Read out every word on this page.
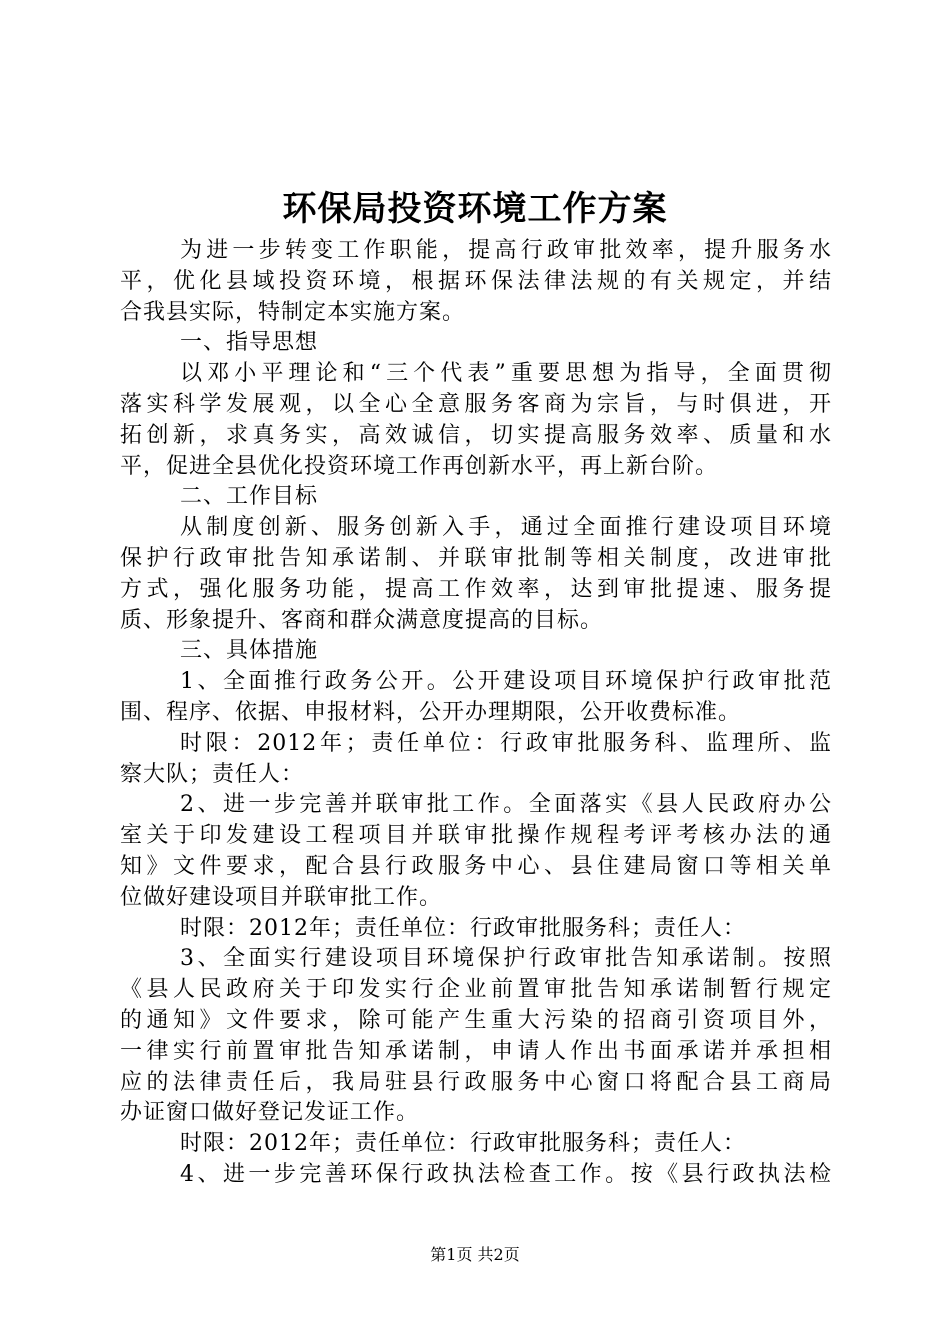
环保局投资环境工作方案
为进一步转变工作职能，提高行政审批效率，提升服务水
平，优化县域投资环境，根据环保法律法规的有关规定，并结
合我县实际，特制定本实施方案。
一、指导思想
以邓小平理论和“三个代表”重要思想为指导，全面贯彻
落实科学发展观，以全心全意服务客商为宗旨，与时俱进，开
拓创新，求真务实，高效诚信，切实提高服务效率、质量和水
平，促进全县优化投资环境工作再创新水平，再上新台阶。
二、工作目标
从制度创新、服务创新入手，通过全面推行建设项目环境
保护行政审批告知承诺制、并联审批制等相关制度，改进审批
方式，强化服务功能，提高工作效率，达到审批提速、服务提
质、形象提升、客商和群众满意度提高的目标。
三、具体措施
1、全面推行政务公开。公开建设项目环境保护行政审批范
围、程序、依据、申报材料，公开办理期限，公开收费标准。
时限：2012年；责任单位：行政审批服务科、监理所、监
察大队；责任人：
2、进一步完善并联审批工作。全面落实《县人民政府办公
室关于印发建设工程项目并联审批操作规程考评考核办法的通
知》文件要求，配合县行政服务中心、县住建局窗口等相关单
位做好建设项目并联审批工作。
时限：2012年；责任单位：行政审批服务科；责任人：
3、全面实行建设项目环境保护行政审批告知承诺制。按照
《县人民政府关于印发实行企业前置审批告知承诺制暂行规定
的通知》文件要求，除可能产生重大污染的招商引资项目外，
一律实行前置审批告知承诺制，申请人作出书面承诺并承担相
应的法律责任后，我局驻县行政服务中心窗口将配合县工商局
办证窗口做好登记发证工作。
时限：2012年；责任单位：行政审批服务科；责任人：
4、进一步完善环保行政执法检查工作。按《县行政执法检
第1页 共2页
